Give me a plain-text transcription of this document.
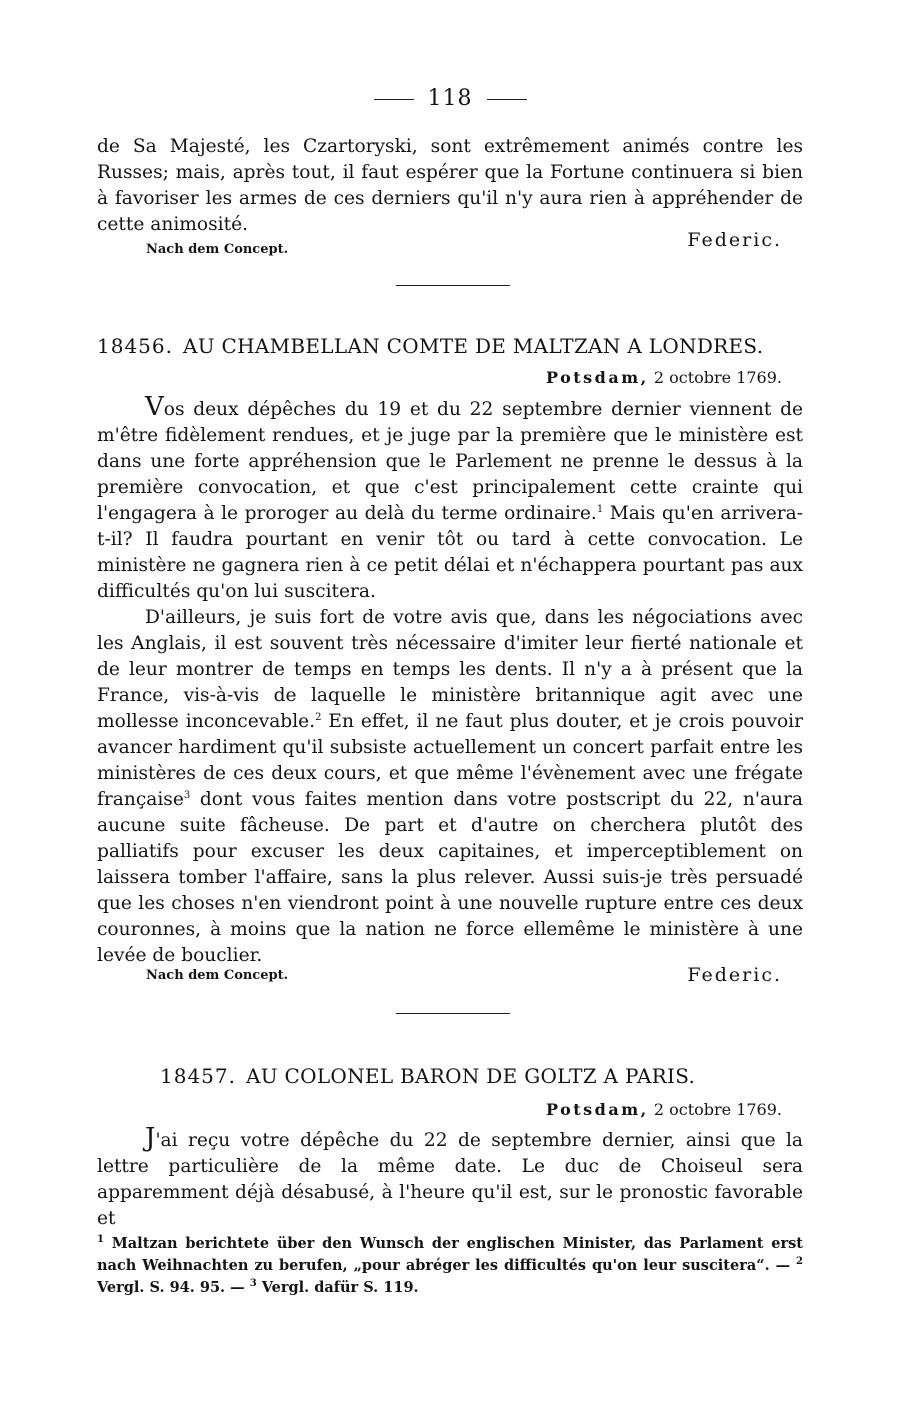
118

de Sa Majesté, les Czartoryski, sont extrêmement animés contre les Russes; mais, après tout, il faut espérer que la Fortune continuera si bien à favoriser les armes de ces derniers qu'il n'y aura rien à appréhender de cette animosité.

Nach dem Concept.	Federic.
18456. AU CHAMBELLAN COMTE DE MALTZAN A LONDRES.
Potsdam, 2 octobre 1769.

Vos deux dépêches du 19 et du 22 septembre dernier viennent de m'être fidèlement rendues, et je juge par la première que le ministère est dans une forte appréhension que le Parlement ne prenne le dessus à la première convocation, et que c'est principalement cette crainte qui l'engagera à le proroger au delà du terme ordinaire.$^1$ Mais qu'en arrivera-t-il? Il faudra pourtant en venir tôt ou tard à cette convocation. Le ministère ne gagnera rien à ce petit délai et n'échappera pourtant pas aux difficultés qu'on lui suscitera.

D'ailleurs, je suis fort de votre avis que, dans les négociations avec les Anglais, il est souvent très nécessaire d'imiter leur fierté nationale et de leur montrer de temps en temps les dents. Il n'y a à présent que la France, vis-à-vis de laquelle le ministère britannique agit avec une mollesse inconcevable.$^2$ En effet, il ne faut plus douter, et je crois pouvoir avancer hardiment qu'il subsiste actuellement un concert parfait entre les ministères de ces deux cours, et que même l'évènement avec une frégate française$^3$ dont vous faites mention dans votre postscript du 22, n'aura aucune suite fâcheuse. De part et d'autre on cherchera plutôt des palliatifs pour excuser les deux capitaines, et imperceptiblement on laissera tomber l'affaire, sans la plus relever. Aussi suis-je très persuadé que les choses n'en viendront point à une nouvelle rupture entre ces deux couronnes, à moins que la nation ne force ellemême le ministère à une levée de bouclier.

Nach dem Concept.	Federic.
18457. AU COLONEL BARON DE GOLTZ A PARIS.
Potsdam, 2 octobre 1769.

J'ai reçu votre dépêche du 22 de septembre dernier, ainsi que la lettre particulière de la même date. Le duc de Choiseul sera apparemment déjà désabusé, à l'heure qu'il est, sur le pronostic favorable et

$^1$ Maltzan berichtete über den Wunsch der englischen Minister, das Parlament erst nach Weihnachten zu berufen, „pour abréger les difficultés qu'on leur suscitera“. — $^2$ Vergl. S. 94. 95. — $^3$ Vergl. dafür S. 119.
